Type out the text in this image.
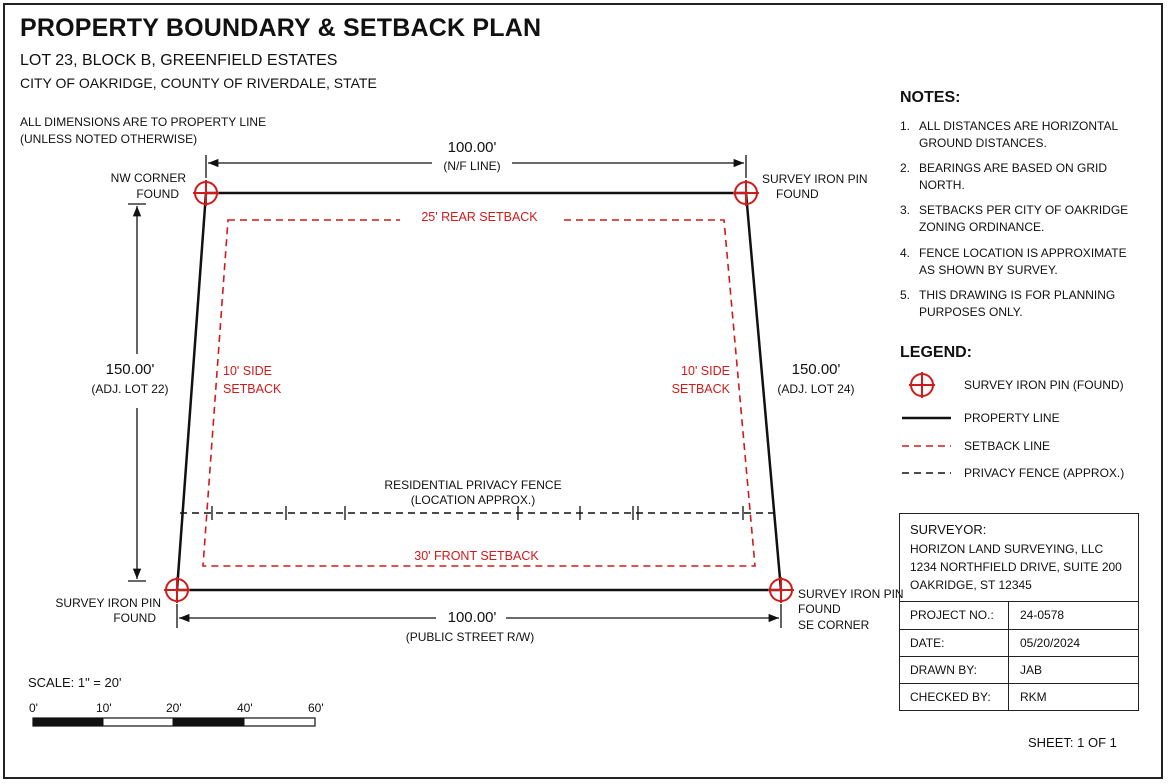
PROPERTY BOUNDARY & SETBACK PLAN
LOT 23, BLOCK B, GREENFIELD ESTATES
CITY OF OAKRIDGE, COUNTY OF RIVERDALE, STATE
ALL DIMENSIONS ARE TO PROPERTY LINE
(UNLESS NOTED OTHERWISE)
NW CORNER
FOUND
SURVEY IRON PIN
FOUND
SURVEY IRON PIN
FOUND
SURVEY IRON PIN
FOUND
SE CORNER
100.00'
(N/F LINE)
100.00'
(PUBLIC STREET R/W)
150.00'
(ADJ. LOT 22)
150.00'
(ADJ. LOT 24)
25' REAR SETBACK
30' FRONT SETBACK
10' SIDE
SETBACK
10' SIDE
SETBACK
RESIDENTIAL PRIVACY FENCE
(LOCATION APPROX.)
SCALE: 1" = 20'
0'	10'	20'	40'	60'
NOTES:
1. ALL DISTANCES ARE HORIZONTAL GROUND DISTANCES.
2. BEARINGS ARE BASED ON GRID NORTH.
3. SETBACKS PER CITY OF OAKRIDGE ZONING ORDINANCE.
4. FENCE LOCATION IS APPROXIMATE AS SHOWN BY SURVEY.
5. THIS DRAWING IS FOR PLANNING PURPOSES ONLY.
LEGEND:
SURVEY IRON PIN (FOUND)
PROPERTY LINE
SETBACK LINE
PRIVACY FENCE (APPROX.)
SURVEYOR:
HORIZON LAND SURVEYING, LLC
1234 NORTHFIELD DRIVE, SUITE 200
OAKRIDGE, ST 12345
PROJECT NO.: 24-0578
DATE:	05/20/2024
DRAWN BY:	JAB
CHECKED BY: RKM
SHEET: 1 OF 1
